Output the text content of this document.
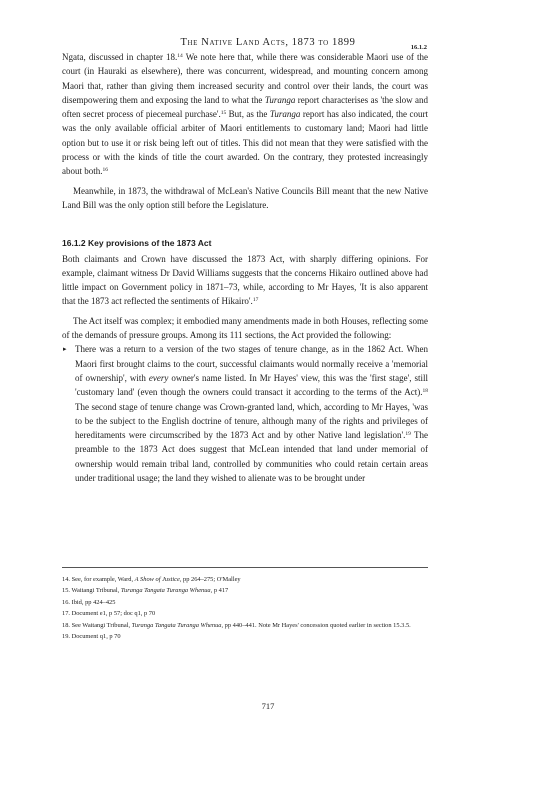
The Native Land Acts, 1873 to 1899	16.1.2

Ngata, discussed in chapter 18.14 We note here that, while there was considerable Maori use of the court (in Hauraki as elsewhere), there was concurrent, widespread, and mounting concern among Maori that, rather than giving them increased security and control over their lands, the court was disempowering them and exposing the land to what the Turanga report characterises as 'the slow and often secret process of piecemeal purchase'.$^{15}$ But, as the Turanga report has also indicated, the court was the only available official arbiter of Maori entitlements to customary land; Maori had little option but to use it or risk being left out of titles. This did not mean that they were satisfied with the process or with the kinds of title the court awarded. On the contrary, they protested increasingly about both.$^{16}$

Meanwhile, in 1873, the withdrawal of McLean's Native Councils Bill meant that the new Native Land Bill was the only option still before the Legislature.

16.1.2 Key provisions of the 1873 Act

Both claimants and Crown have discussed the 1873 Act, with sharply differing opinions. For example, claimant witness Dr David Williams suggests that the concerns Hikairo outlined above had little impact on Government policy in 1871–73, while, according to Mr Hayes, 'It is also apparent that the 1873 act reflected the sentiments of Hikairo'.$^{17}$

The Act itself was complex; it embodied many amendments made in both Houses, reflecting some of the demands of pressure groups. Among its 111 sections, the Act provided the following:

▸ There was a return to a version of the two stages of tenure change, as in the 1862 Act. When Maori first brought claims to the court, successful claimants would normally receive a 'memorial of ownership', with every owner's name listed. In Mr Hayes' view, this was the 'first stage', still 'customary land' (even though the owners could transact it according to the terms of the Act).$^{18}$ The second stage of tenure change was Crown-granted land, which, according to Mr Hayes, 'was to be the subject to the English doctrine of tenure, although many of the rights and privileges of hereditaments were circumscribed by the 1873 Act and by other Native land legislation'.$^{19}$ The preamble to the 1873 Act does suggest that McLean intended that land under memorial of ownership would remain tribal land, controlled by communities who could retain certain areas under traditional usage; the land they wished to alienate was to be brought under

14. See, for example, Ward, A Show of Justice, pp 264–275; O'Malley

15. Waitangi Tribunal, Turanga Tangata Turanga Whenua, p 417

16. Ibid, pp 424–425

17. Document e1, p 57; doc q1, p 70

18. See Waitangi Tribunal, Turanga Tangata Turanga Whenua, pp 440–441. Note Mr Hayes' concession quoted earlier in section 15.3.5.

19. Document q1, p 70

717
